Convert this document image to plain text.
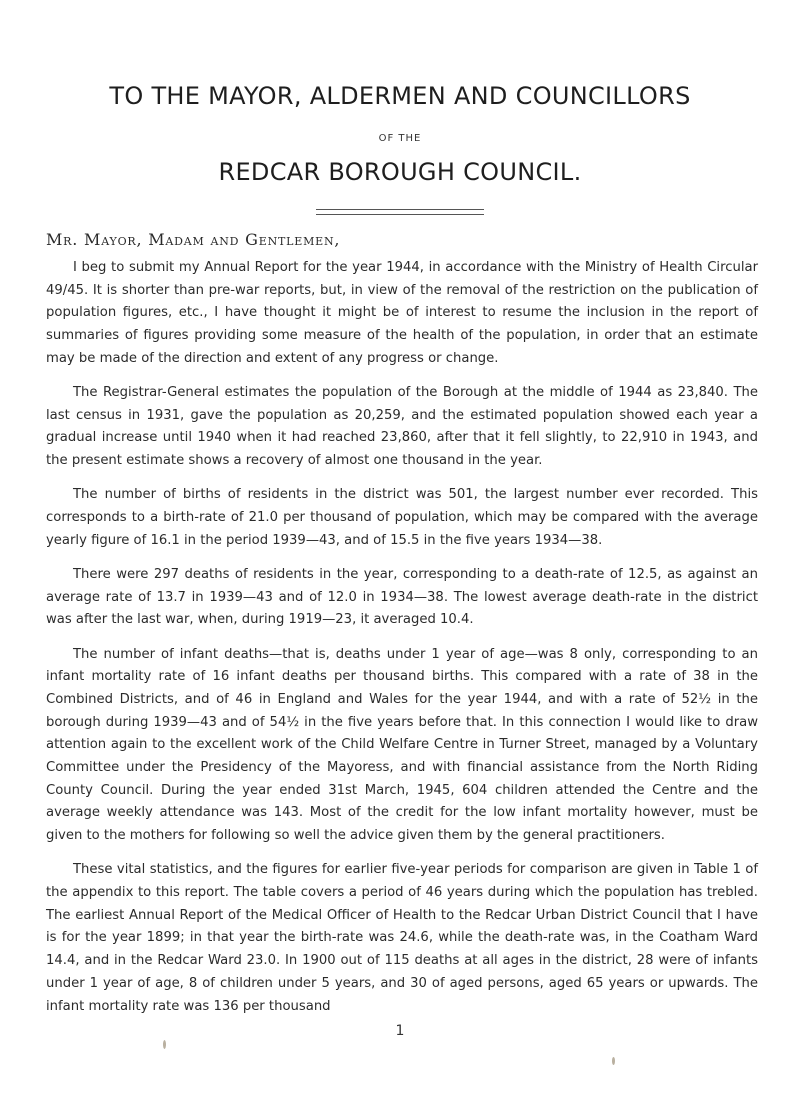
TO THE MAYOR, ALDERMEN AND COUNCILLORS
OF THE
REDCAR BOROUGH COUNCIL.
Mr. Mayor, Madam and Gentlemen,

I beg to submit my Annual Report for the year 1944, in accordance with the Ministry of Health Circular 49/45. It is shorter than pre-war reports, but, in view of the removal of the restriction on the publication of population figures, etc., I have thought it might be of interest to resume the inclusion in the report of summaries of figures providing some measure of the health of the population, in order that an estimate may be made of the direction and extent of any progress or change.

The Registrar-General estimates the population of the Borough at the middle of 1944 as 23,840. The last census in 1931, gave the population as 20,259, and the estimated population showed each year a gradual increase until 1940 when it had reached 23,860, after that it fell slightly, to 22,910 in 1943, and the present estimate shows a recovery of almost one thousand in the year.

The number of births of residents in the district was 501, the largest number ever recorded. This corresponds to a birth-rate of 21.0 per thousand of population, which may be compared with the average yearly figure of 16.1 in the period 1939—43, and of 15.5 in the five years 1934—38.

There were 297 deaths of residents in the year, corresponding to a death-rate of 12.5, as against an average rate of 13.7 in 1939—43 and of 12.0 in 1934—38. The lowest average death-rate in the district was after the last war, when, during 1919—23, it averaged 10.4.

The number of infant deaths—that is, deaths under 1 year of age—was 8 only, corresponding to an infant mortality rate of 16 infant deaths per thousand births. This compared with a rate of 38 in the Combined Districts, and of 46 in England and Wales for the year 1944, and with a rate of 52½ in the borough during 1939—43 and of 54½ in the five years before that. In this connection I would like to draw attention again to the excellent work of the Child Welfare Centre in Turner Street, managed by a Voluntary Committee under the Presidency of the Mayoress, and with financial assistance from the North Riding County Council. During the year ended 31st March, 1945, 604 children attended the Centre and the average weekly attendance was 143. Most of the credit for the low infant mortality however, must be given to the mothers for following so well the advice given them by the general practitioners.

These vital statistics, and the figures for earlier five-year periods for comparison are given in Table 1 of the appendix to this report. The table covers a period of 46 years during which the population has trebled. The earliest Annual Report of the Medical Officer of Health to the Redcar Urban District Council that I have is for the year 1899; in that year the birth-rate was 24.6, while the death-rate was, in the Coatham Ward 14.4, and in the Redcar Ward 23.0. In 1900 out of 115 deaths at all ages in the district, 28 were of infants under 1 year of age, 8 of children under 5 years, and 30 of aged persons, aged 65 years or upwards. The infant mortality rate was 136 per thousand

1
